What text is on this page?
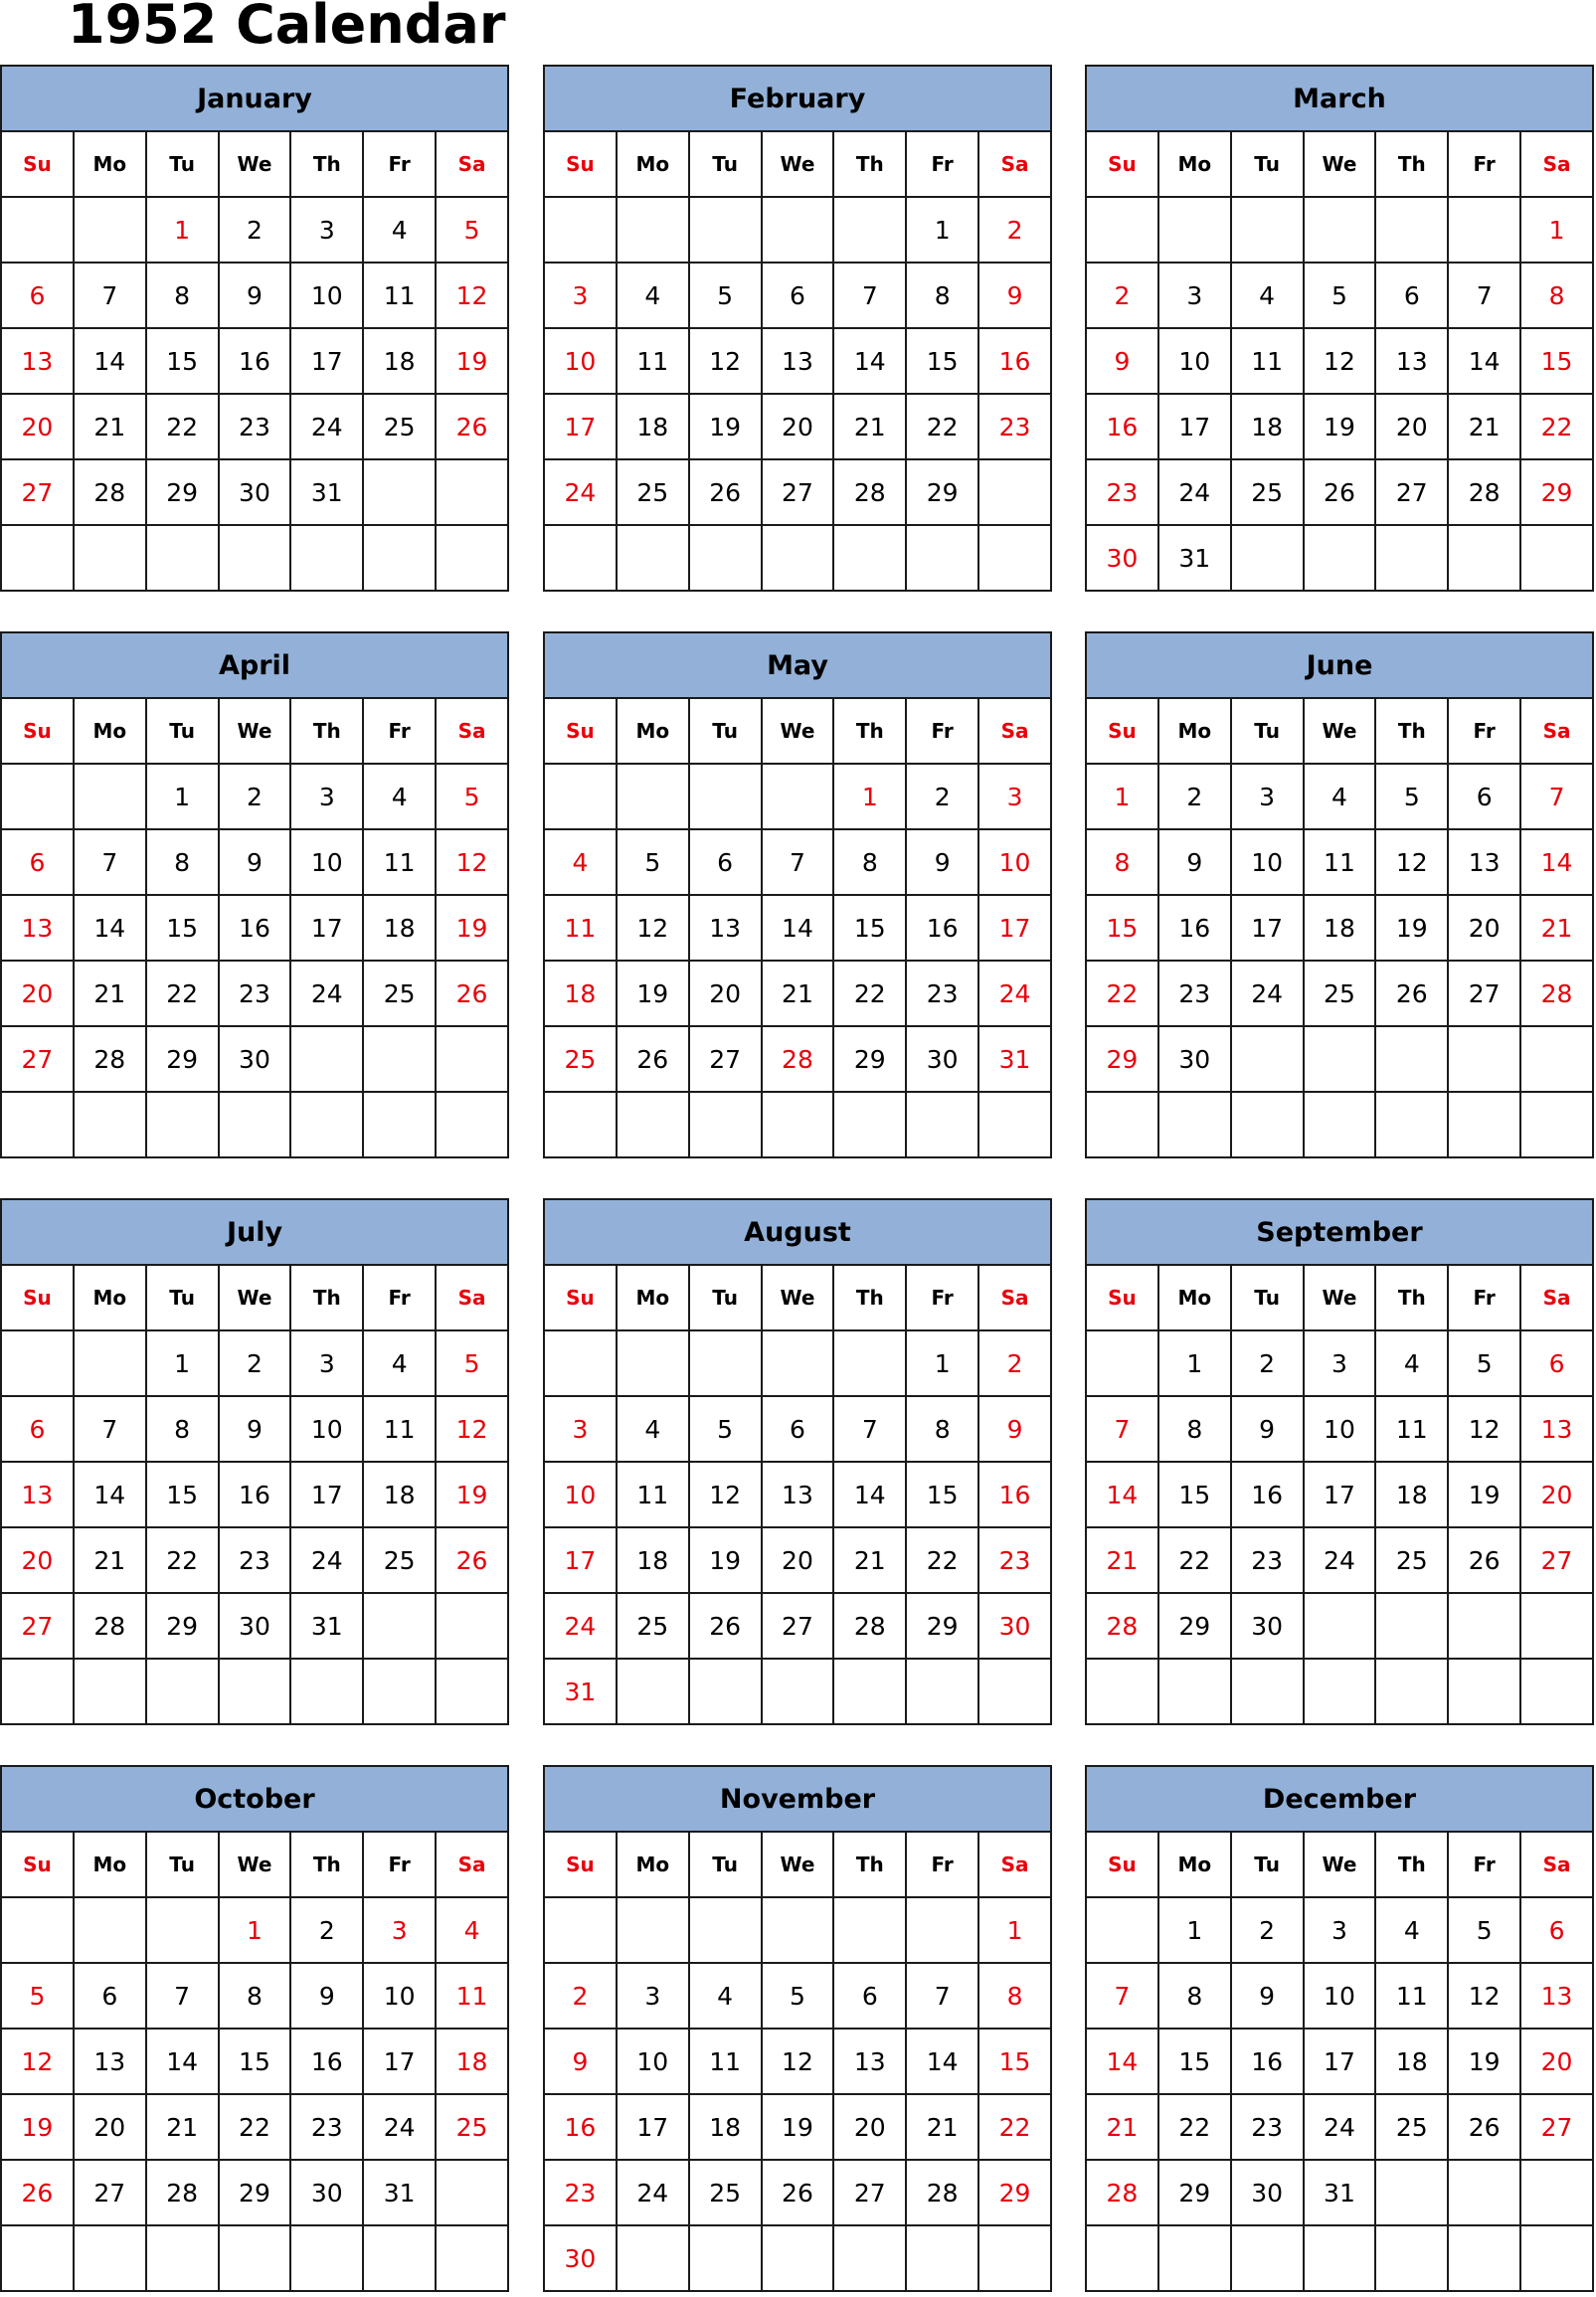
1952 Calendar
January						
Su	Mo	Tu	We	Th	Fr	Sa
		1	2	3	4	5
6	7	8	9	10	11	12
13	14	15	16	17	18	19
20	21	22	23	24	25	26
27	28	29	30	31		

February						
Su	Mo	Tu	We	Th	Fr	Sa
					1	2
3	4	5	6	7	8	9
10	11	12	13	14	15	16
17	18	19	20	21	22	23
24	25	26	27	28	29	

March						
Su	Mo	Tu	We	Th	Fr	Sa
						1
2	3	4	5	6	7	8
9	10	11	12	13	14	15
16	17	18	19	20	21	22
23	24	25	26	27	28	29
30	31					
April						
Su	Mo	Tu	We	Th	Fr	Sa
		1	2	3	4	5
6	7	8	9	10	11	12
13	14	15	16	17	18	19
20	21	22	23	24	25	26
27	28	29	30			

May						
Su	Mo	Tu	We	Th	Fr	Sa
				1	2	3
4	5	6	7	8	9	10
11	12	13	14	15	16	17
18	19	20	21	22	23	24
25	26	27	28	29	30	31

June						
Su	Mo	Tu	We	Th	Fr	Sa
1	2	3	4	5	6	7
8	9	10	11	12	13	14
15	16	17	18	19	20	21
22	23	24	25	26	27	28
29	30					

July						
Su	Mo	Tu	We	Th	Fr	Sa
		1	2	3	4	5
6	7	8	9	10	11	12
13	14	15	16	17	18	19
20	21	22	23	24	25	26
27	28	29	30	31		

August						
Su	Mo	Tu	We	Th	Fr	Sa
					1	2
3	4	5	6	7	8	9
10	11	12	13	14	15	16
17	18	19	20	21	22	23
24	25	26	27	28	29	30
31						
September						
Su	Mo	Tu	We	Th	Fr	Sa
	1	2	3	4	5	6
7	8	9	10	11	12	13
14	15	16	17	18	19	20
21	22	23	24	25	26	27
28	29	30				

October						
Su	Mo	Tu	We	Th	Fr	Sa
			1	2	3	4
5	6	7	8	9	10	11
12	13	14	15	16	17	18
19	20	21	22	23	24	25
26	27	28	29	30	31	

November						
Su	Mo	Tu	We	Th	Fr	Sa
						1
2	3	4	5	6	7	8
9	10	11	12	13	14	15
16	17	18	19	20	21	22
23	24	25	26	27	28	29
30						
December						
Su	Mo	Tu	We	Th	Fr	Sa
	1	2	3	4	5	6
7	8	9	10	11	12	13
14	15	16	17	18	19	20
21	22	23	24	25	26	27
28	29	30	31			
